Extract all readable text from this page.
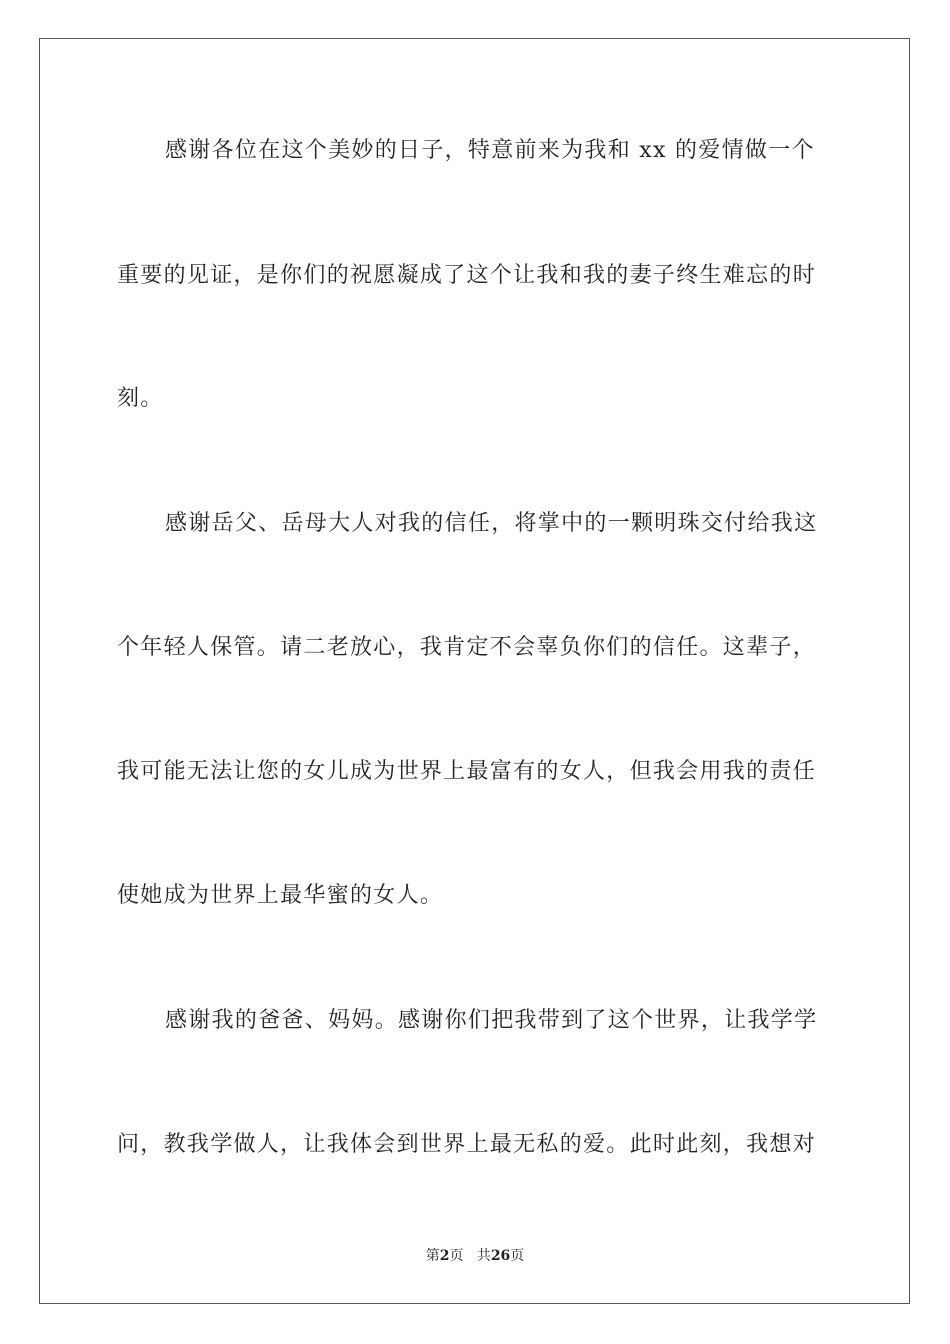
感谢各位在这个美妙的日子，特意前来为我和 xx 的爱情做一个
重要的见证，是你们的祝愿凝成了这个让我和我的妻子终生难忘的时
刻。
感谢岳父、岳母大人对我的信任，将掌中的一颗明珠交付给我这
个年轻人保管。请二老放心，我肯定不会辜负你们的信任。这辈子，
我可能无法让您的女儿成为世界上最富有的女人，但我会用我的责任
使她成为世界上最华蜜的女人。
感谢我的爸爸、妈妈。感谢你们把我带到了这个世界，让我学学
问，教我学做人，让我体会到世界上最无私的爱。此时此刻，我想对
第2页 共26页
